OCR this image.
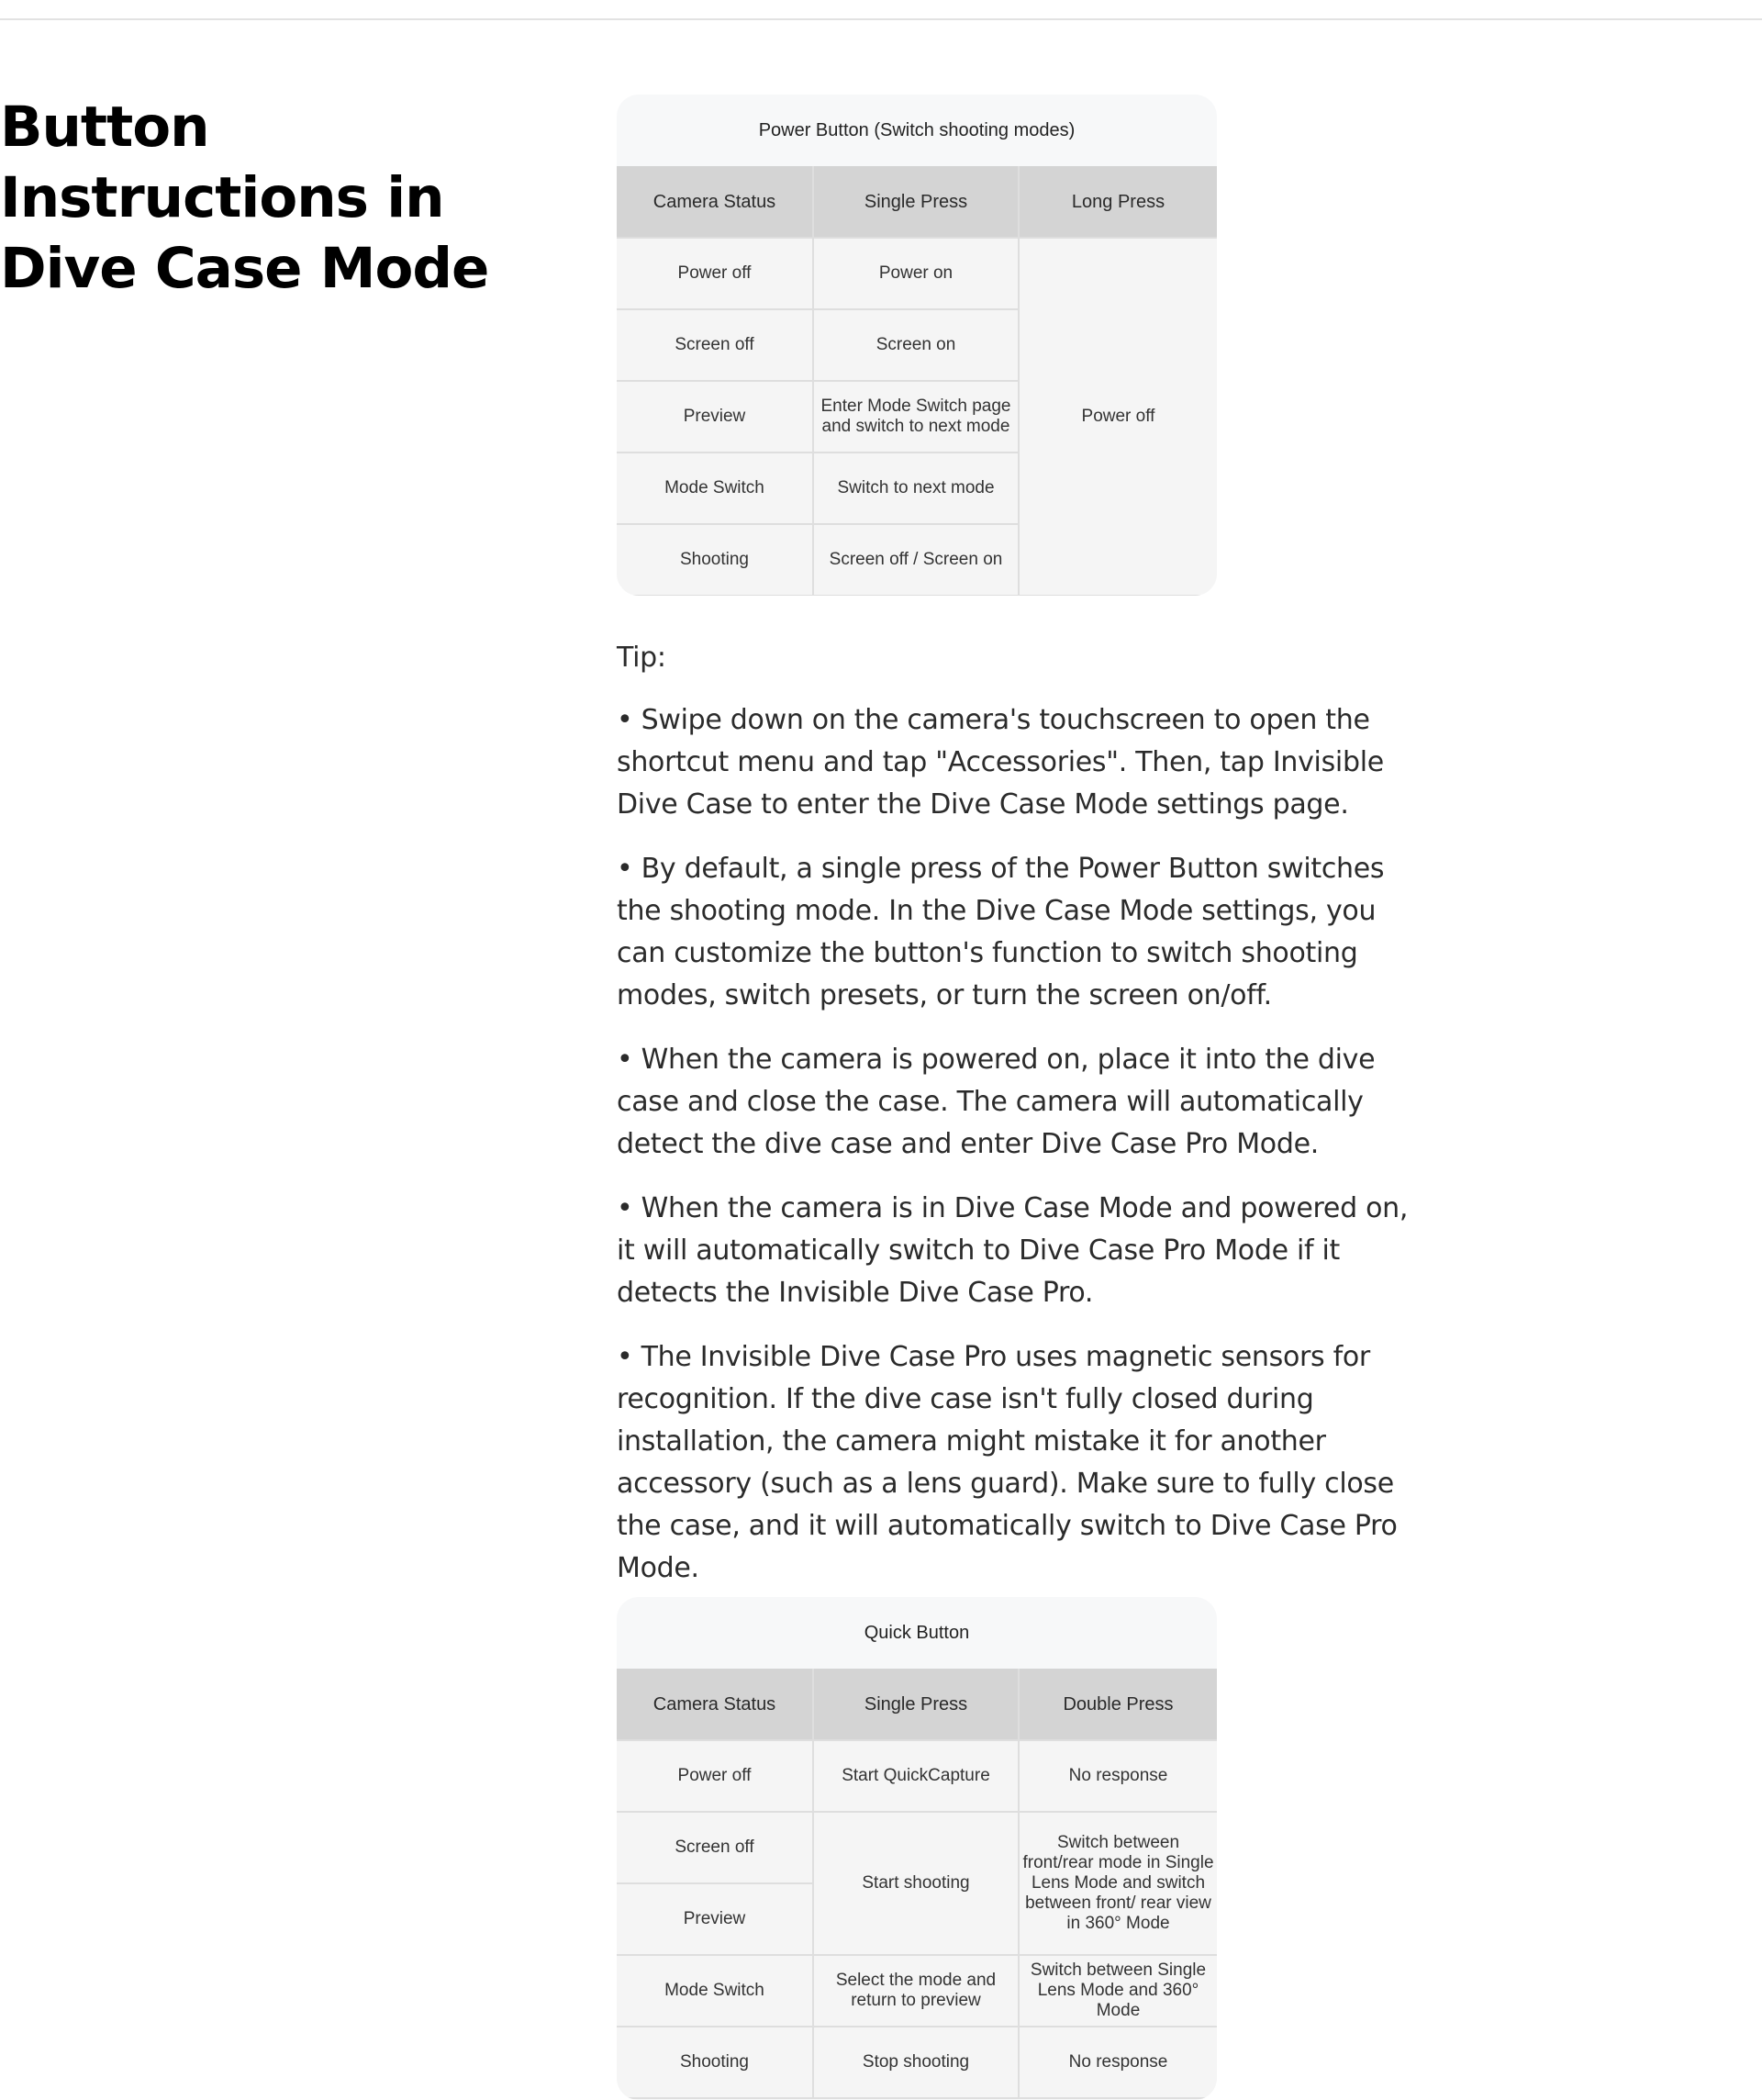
Button Instructions in Dive Case Mode
Power Button (Switch shooting modes)
Camera Status	Single Press	Long Press
Power off	Power on	Power off
Screen off	Screen on	
Preview	Enter Mode Switch page and switch to next mode	
Mode Switch	Switch to next mode	
Shooting	Screen off / Screen on	

Tip:

• Swipe down on the camera's touchscreen to open the shortcut menu and tap "Accessories". Then, tap Invisible Dive Case to enter the Dive Case Mode settings page.

• By default, a single press of the Power Button switches the shooting mode. In the Dive Case Mode settings, you can customize the button's function to switch shooting modes, switch presets, or turn the screen on/off.

• When the camera is powered on, place it into the dive case and close the case. The camera will automatically detect the dive case and enter Dive Case Pro Mode.

• When the camera is in Dive Case Mode and powered on, it will automatically switch to Dive Case Pro Mode if it detects the Invisible Dive Case Pro.

• The Invisible Dive Case Pro uses magnetic sensors for recognition. If the dive case isn't fully closed during installation, the camera might mistake it for another accessory (such as a lens guard). Make sure to fully close the case, and it will automatically switch to Dive Case Pro Mode.

Quick Button
Camera Status	Single Press	Double Press
Power off	Start QuickCapture	No response
Screen off	Start shooting	Switch between front/rear mode in Single Lens Mode and switch between front/ rear view in 360° Mode
Preview		
Mode Switch	Select the mode and return to preview	Switch between Single Lens Mode and 360° Mode
Shooting	Stop shooting	No response
